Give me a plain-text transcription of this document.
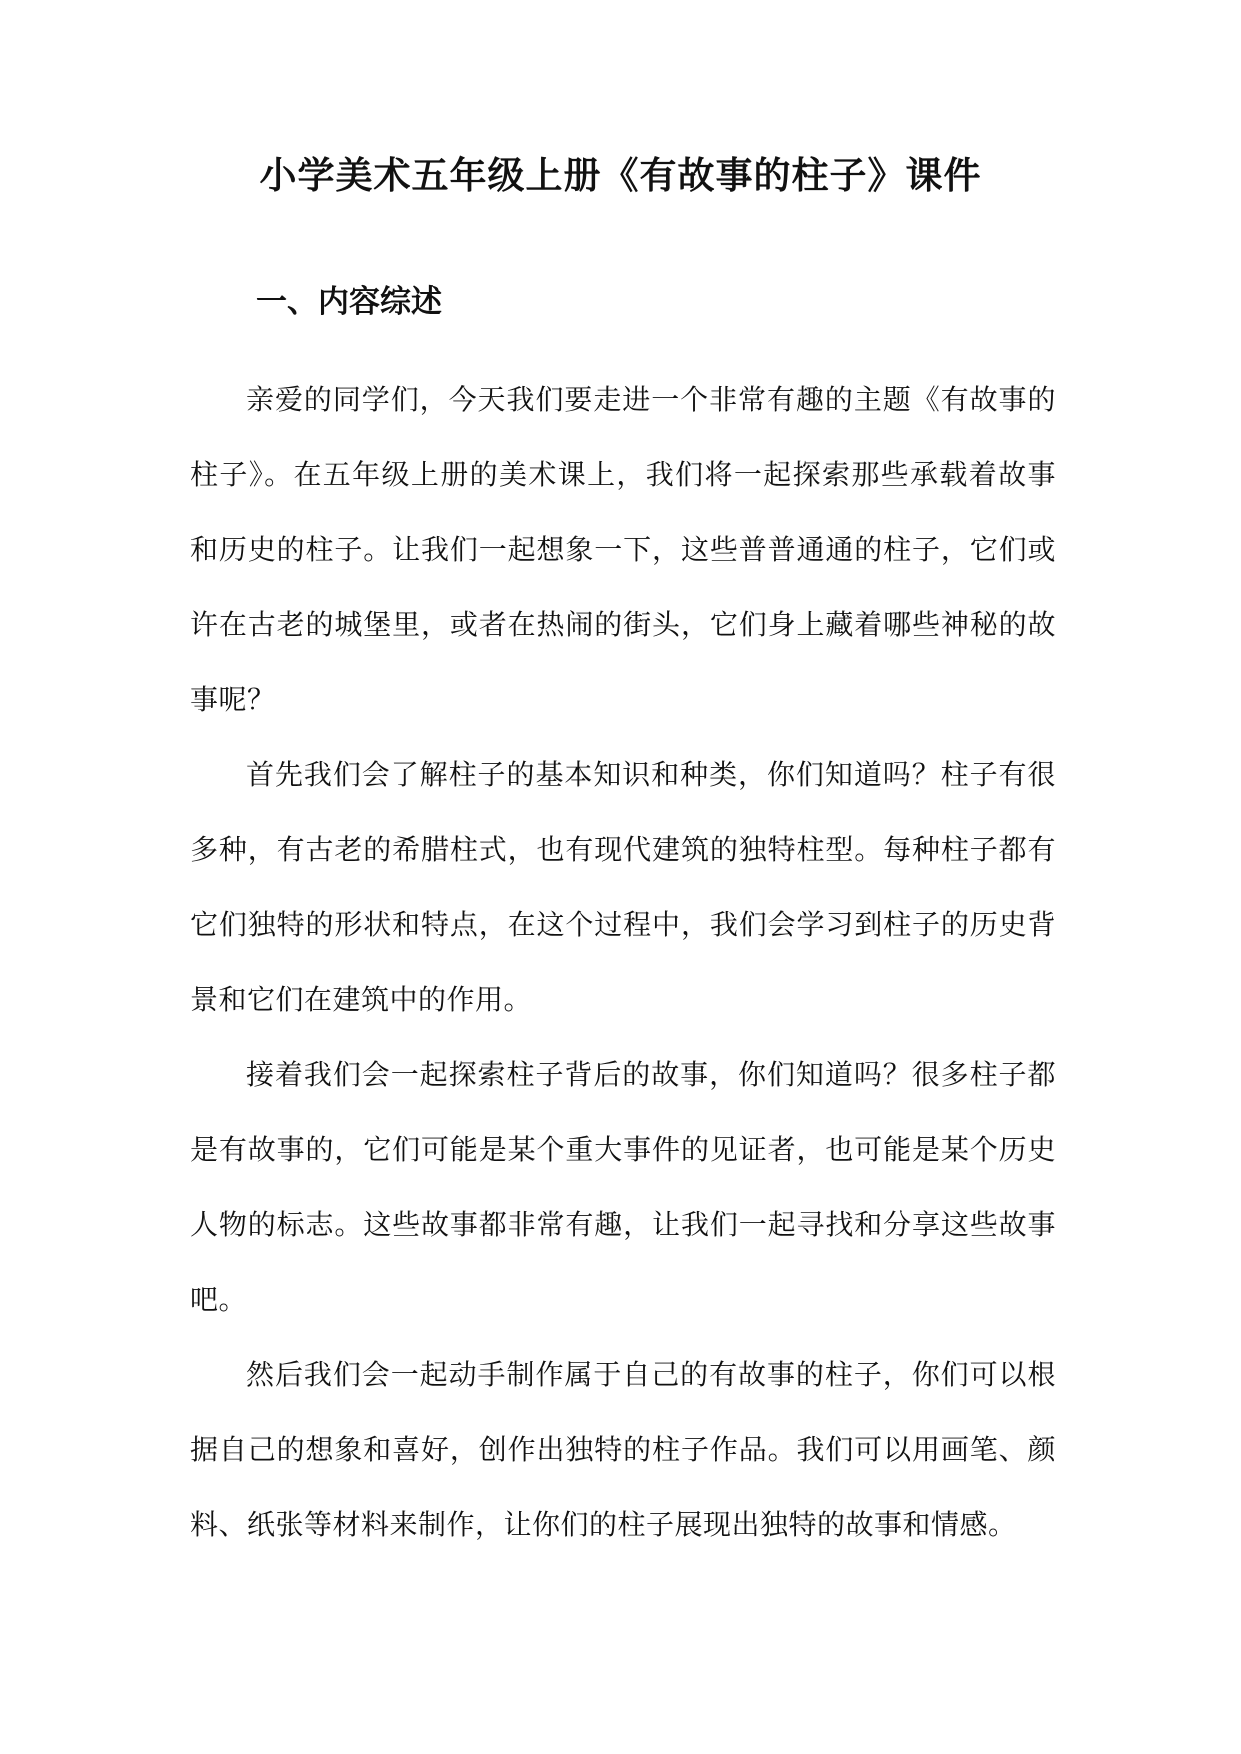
小学美术五年级上册《有故事的柱子》课件
一、内容综述

亲爱的同学们，今天我们要走进一个非常有趣的主题《有故事的柱子》。在五年级上册的美术课上，我们将一起探索那些承载着故事和历史的柱子。让我们一起想象一下，这些普普通通的柱子，它们或许在古老的城堡里，或者在热闹的街头，它们身上藏着哪些神秘的故事呢？

首先我们会了解柱子的基本知识和种类，你们知道吗？柱子有很多种，有古老的希腊柱式，也有现代建筑的独特柱型。每种柱子都有它们独特的形状和特点，在这个过程中，我们会学习到柱子的历史背景和它们在建筑中的作用。

接着我们会一起探索柱子背后的故事，你们知道吗？很多柱子都是有故事的，它们可能是某个重大事件的见证者，也可能是某个历史人物的标志。这些故事都非常有趣，让我们一起寻找和分享这些故事吧。

然后我们会一起动手制作属于自己的有故事的柱子，你们可以根据自己的想象和喜好，创作出独特的柱子作品。我们可以用画笔、颜料、纸张等材料来制作，让你们的柱子展现出独特的故事和情感。
